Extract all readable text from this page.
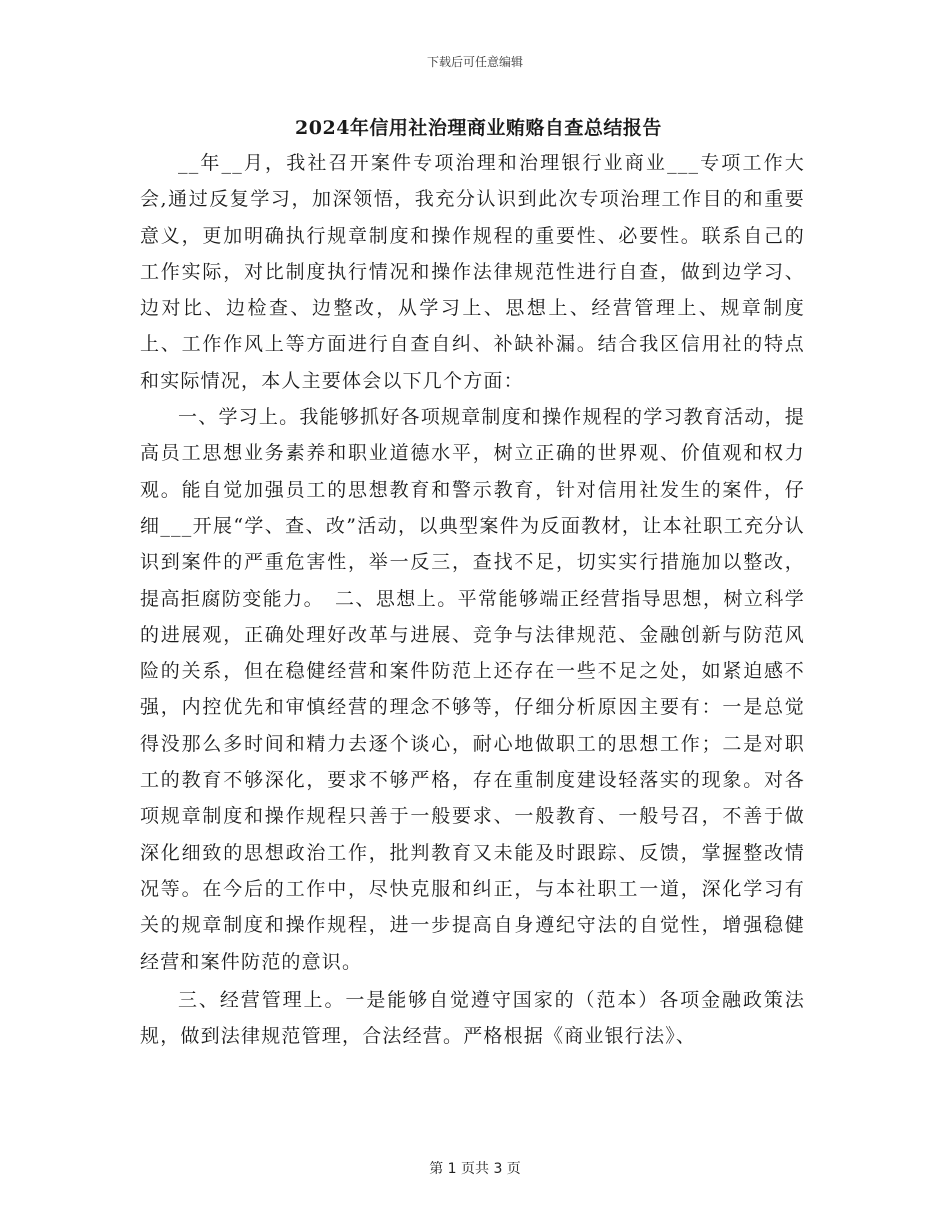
下载后可任意编辑
2024年信用社治理商业贿赂自查总结报告

__年__月，我社召开案件专项治理和治理银行业商业___专项工作大会,通过反复学习，加深领悟，我充分认识到此次专项治理工作目的和重要意义，更加明确执行规章制度和操作规程的重要性、必要性。联系自己的工作实际，对比制度执行情况和操作法律规范性进行自查，做到边学习、边对比、边检查、边整改，从学习上、思想上、经营管理上、规章制度上、工作作风上等方面进行自查自纠、补缺补漏。结合我区信用社的特点和实际情况，本人主要体会以下几个方面：

一、学习上。我能够抓好各项规章制度和操作规程的学习教育活动，提高员工思想业务素养和职业道德水平，树立正确的世界观、价值观和权力观。能自觉加强员工的思想教育和警示教育，针对信用社发生的案件，仔细___开展“学、查、改”活动，以典型案件为反面教材，让本社职工充分认识到案件的严重危害性，举一反三，查找不足，切实实行措施加以整改，提高拒腐防变能力。　二、思想上。平常能够端正经营指导思想，树立科学的进展观，正确处理好改革与进展、竞争与法律规范、金融创新与防范风险的关系，但在稳健经营和案件防范上还存在一些不足之处，如紧迫感不强，内控优先和审慎经营的理念不够等，仔细分析原因主要有：一是总觉得没那么多时间和精力去逐个谈心，耐心地做职工的思想工作；二是对职工的教育不够深化，要求不够严格，存在重制度建设轻落实的现象。对各项规章制度和操作规程只善于一般要求、一般教育、一般号召，不善于做深化细致的思想政治工作，批判教育又未能及时跟踪、反馈，掌握整改情况等。在今后的工作中，尽快克服和纠正，与本社职工一道，深化学习有关的规章制度和操作规程，进一步提高自身遵纪守法的自觉性，增强稳健经营和案件防范的意识。

三、经营管理上。一是能够自觉遵守国家的（范本）各项金融政策法规，做到法律规范管理，合法经营。严格根据《商业银行法》、

第 1 页共 3 页
